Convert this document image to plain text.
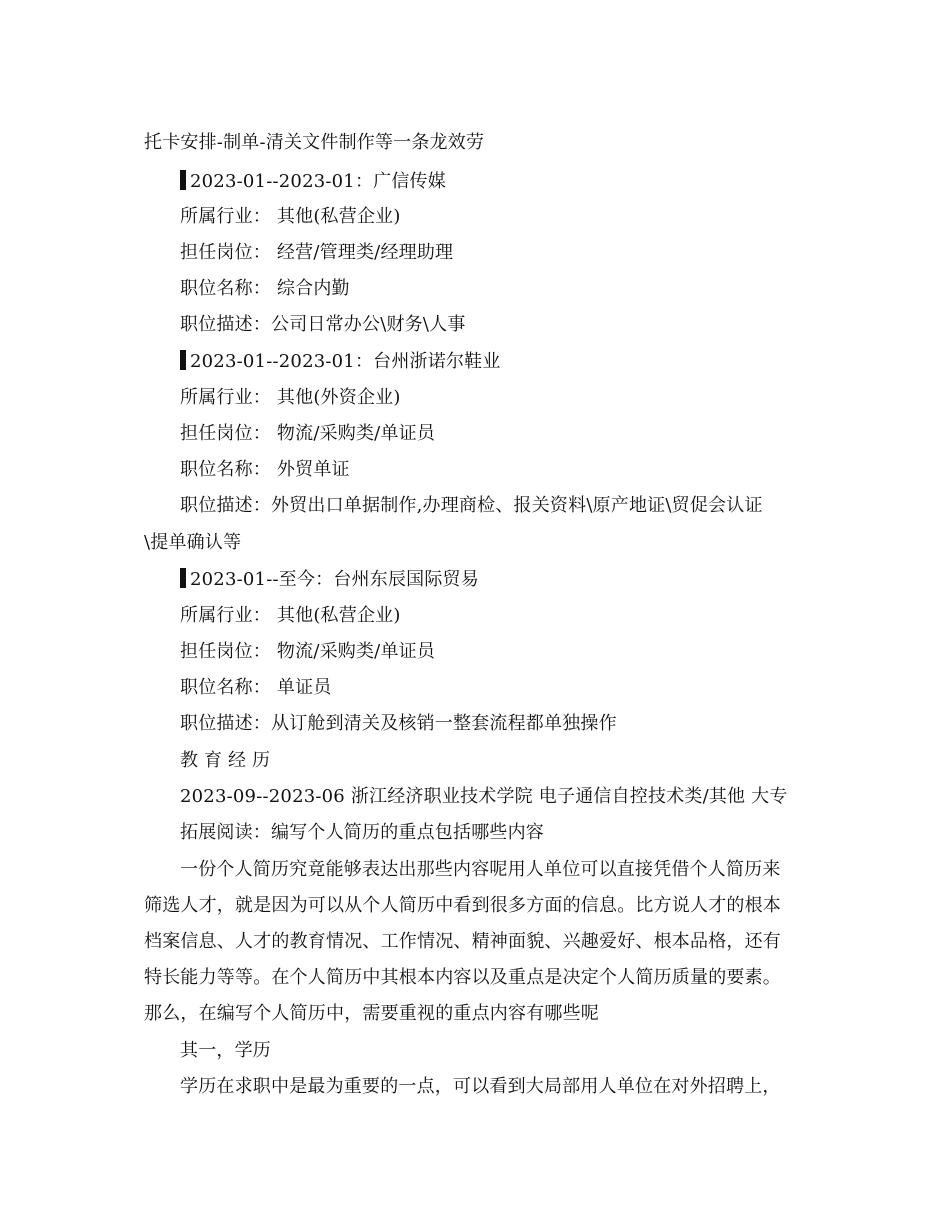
托卡安排-制单-清关文件制作等一条龙效劳
2023-01--2023-01：广信传媒
所属行业： 其他(私营企业)
担任岗位： 经营/管理类/经理助理
职位名称： 综合内勤
职位描述：公司日常办公\财务\人事
2023-01--2023-01：台州浙诺尔鞋业
所属行业： 其他(外资企业)
担任岗位： 物流/采购类/单证员
职位名称： 外贸单证
职位描述：外贸出口单据制作,办理商检、报关资料\原产地证\贸促会认证
\提单确认等
2023-01--至今：台州东辰国际贸易
所属行业： 其他(私营企业)
担任岗位： 物流/采购类/单证员
职位名称： 单证员
职位描述：从订舱到清关及核销一整套流程都单独操作
教育经历
2023-09--2023-06 浙江经济职业技术学院 电子通信自控技术类/其他 大专
拓展阅读：编写个人简历的重点包括哪些内容
一份个人简历究竟能够表达出那些内容呢用人单位可以直接凭借个人简历来
筛选人才，就是因为可以从个人简历中看到很多方面的信息。比方说人才的根本
档案信息、人才的教育情况、工作情况、精神面貌、兴趣爱好、根本品格，还有
特长能力等等。在个人简历中其根本内容以及重点是决定个人简历质量的要素。
那么，在编写个人简历中，需要重视的重点内容有哪些呢
其一，学历
学历在求职中是最为重要的一点，可以看到大局部用人单位在对外招聘上，
